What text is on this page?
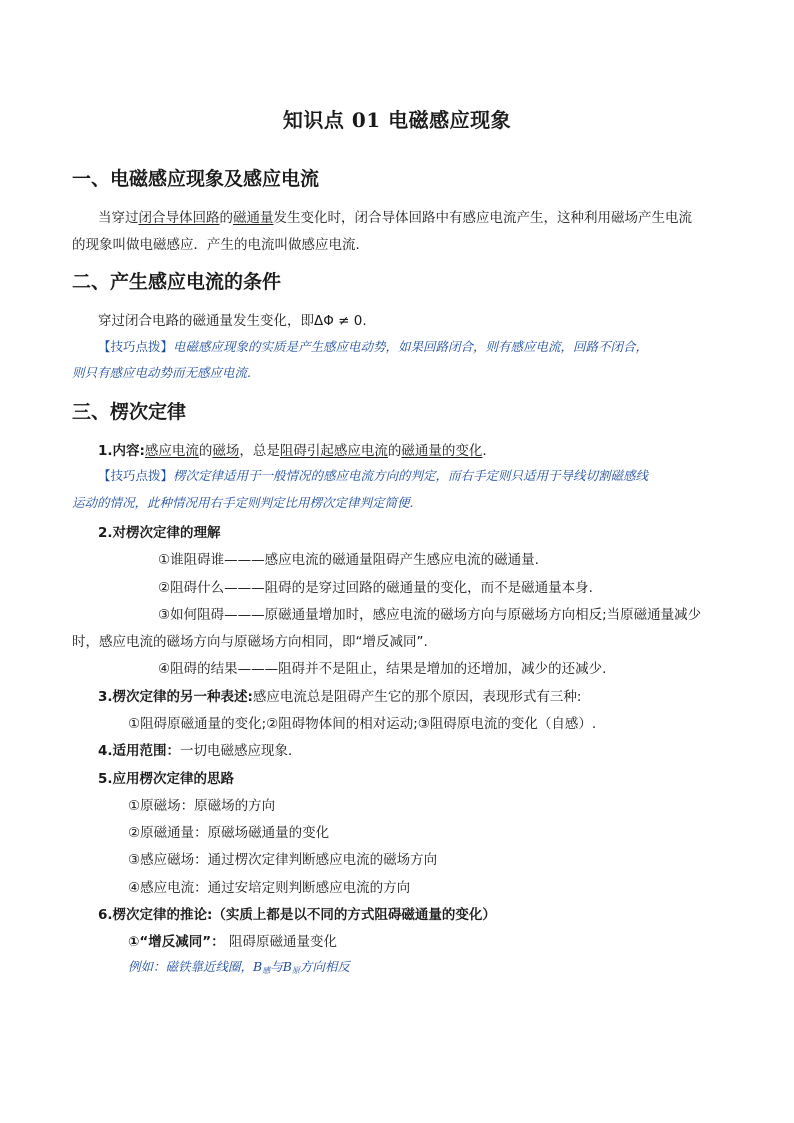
知识点 01 电磁感应现象
一、电磁感应现象及感应电流
当穿过闭合导体回路的磁通量发生变化时，闭合导体回路中有感应电流产生，这种利用磁场产生电流
的现象叫做电磁感应．产生的电流叫做感应电流.
二、产生感应电流的条件
穿过闭合电路的磁通量发生变化，即ΔΦ ≠ 0.
【技巧点拨】电磁感应现象的实质是产生感应电动势，如果回路闭合，则有感应电流，回路不闭合，
则只有感应电动势而无感应电流.
三、楞次定律
1.内容:感应电流的磁场，总是阻碍引起感应电流的磁通量的变化.
【技巧点拨】楞次定律适用于一般情况的感应电流方向的判定，而右手定则只适用于导线切割磁感线
运动的情况，此种情况用右手定则判定比用楞次定律判定简便.
2.对楞次定律的理解
①谁阻碍谁———感应电流的磁通量阻碍产生感应电流的磁通量.
②阻碍什么———阻碍的是穿过回路的磁通量的变化，而不是磁通量本身.
③如何阻碍———原磁通量增加时，感应电流的磁场方向与原磁场方向相反;当原磁通量减少
时，感应电流的磁场方向与原磁场方向相同，即“增反减同”.
④阻碍的结果———阻碍并不是阻止，结果是增加的还增加，减少的还减少.
3.楞次定律的另一种表述:感应电流总是阻碍产生它的那个原因，表现形式有三种:
①阻碍原磁通量的变化;②阻碍物体间的相对运动;③阻碍原电流的变化（自感）.
4.适用范围：一切电磁感应现象．
5.应用楞次定律的思路
①原磁场：原磁场的方向
②原磁通量：原磁场磁通量的变化
③感应磁场：通过楞次定律判断感应电流的磁场方向
④感应电流：通过安培定则判断感应电流的方向
6.楞次定律的推论:（实质上都是以不同的方式阻碍磁通量的变化）
①“增反减同”： 阻碍原磁通量变化
例如：磁铁靠近线圈，$B_感$与$B_原$方向相反
